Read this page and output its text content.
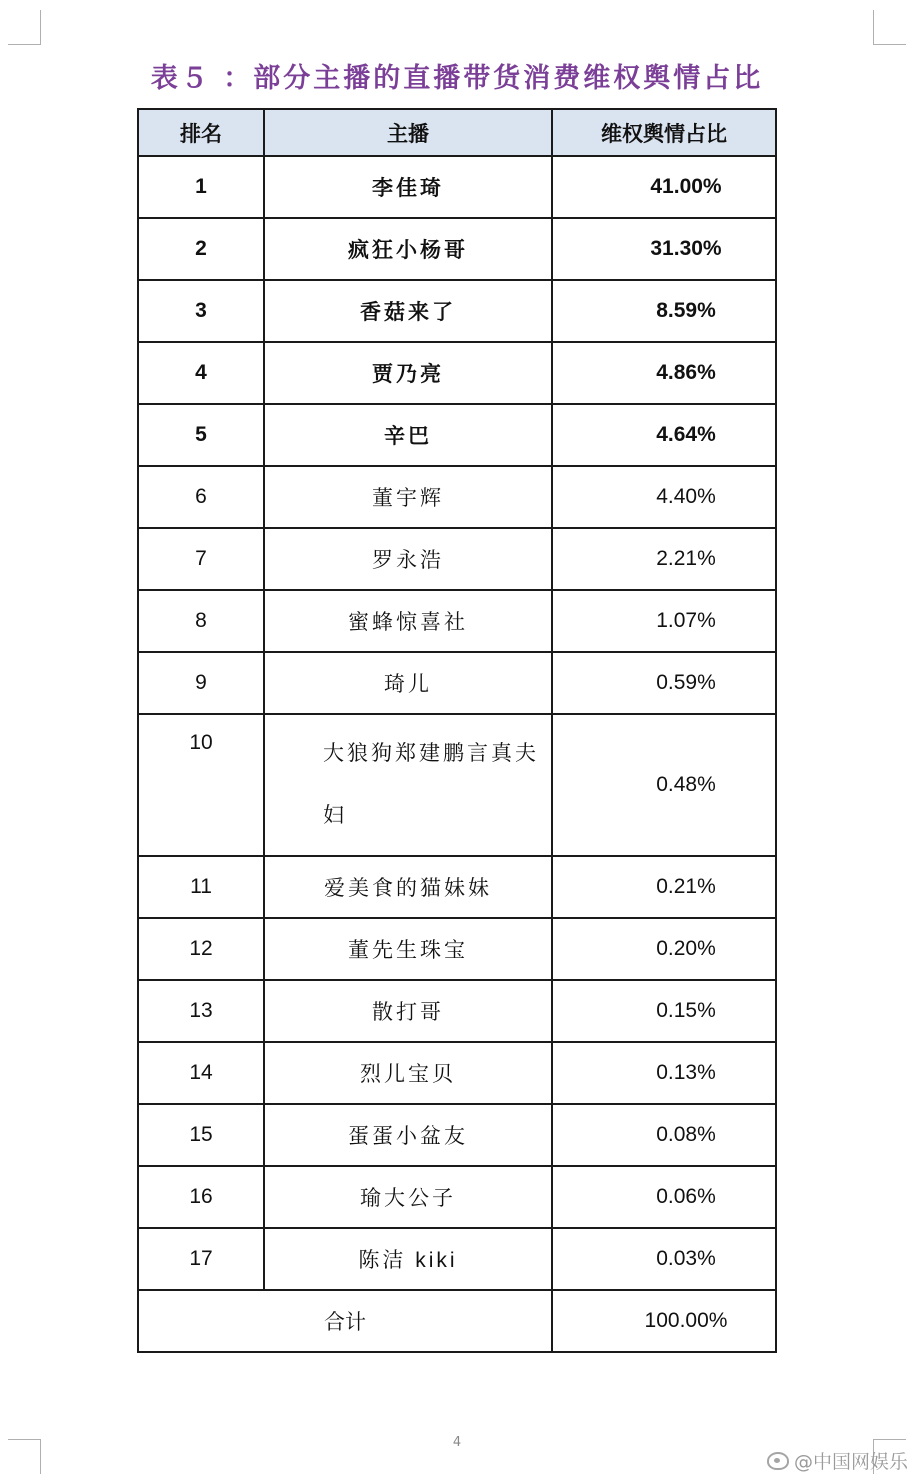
表５ ：部分主播的直播带货消费维权舆情占比
排名	主播	维权舆情占比
1	李佳琦	41.00%
2	疯狂小杨哥	31.30%
3	香菇来了	8.59%
4	贾乃亮	4.86%
5	辛巴	4.64%
6	董宇辉	4.40%
7	罗永浩	2.21%
8	蜜蜂惊喜社	1.07%
9	琦儿	0.59%
10	大狼狗郑建鹏言真夫妇	0.48%
11	爱美食的猫妹妹	0.21%
12	董先生珠宝	0.20%
13	散打哥	0.15%
14	烈儿宝贝	0.13%
15	蛋蛋小盆友	0.08%
16	瑜大公子	0.06%
17	陈洁 kiki	0.03%
合计		100.00%
4
@中国网娱乐
